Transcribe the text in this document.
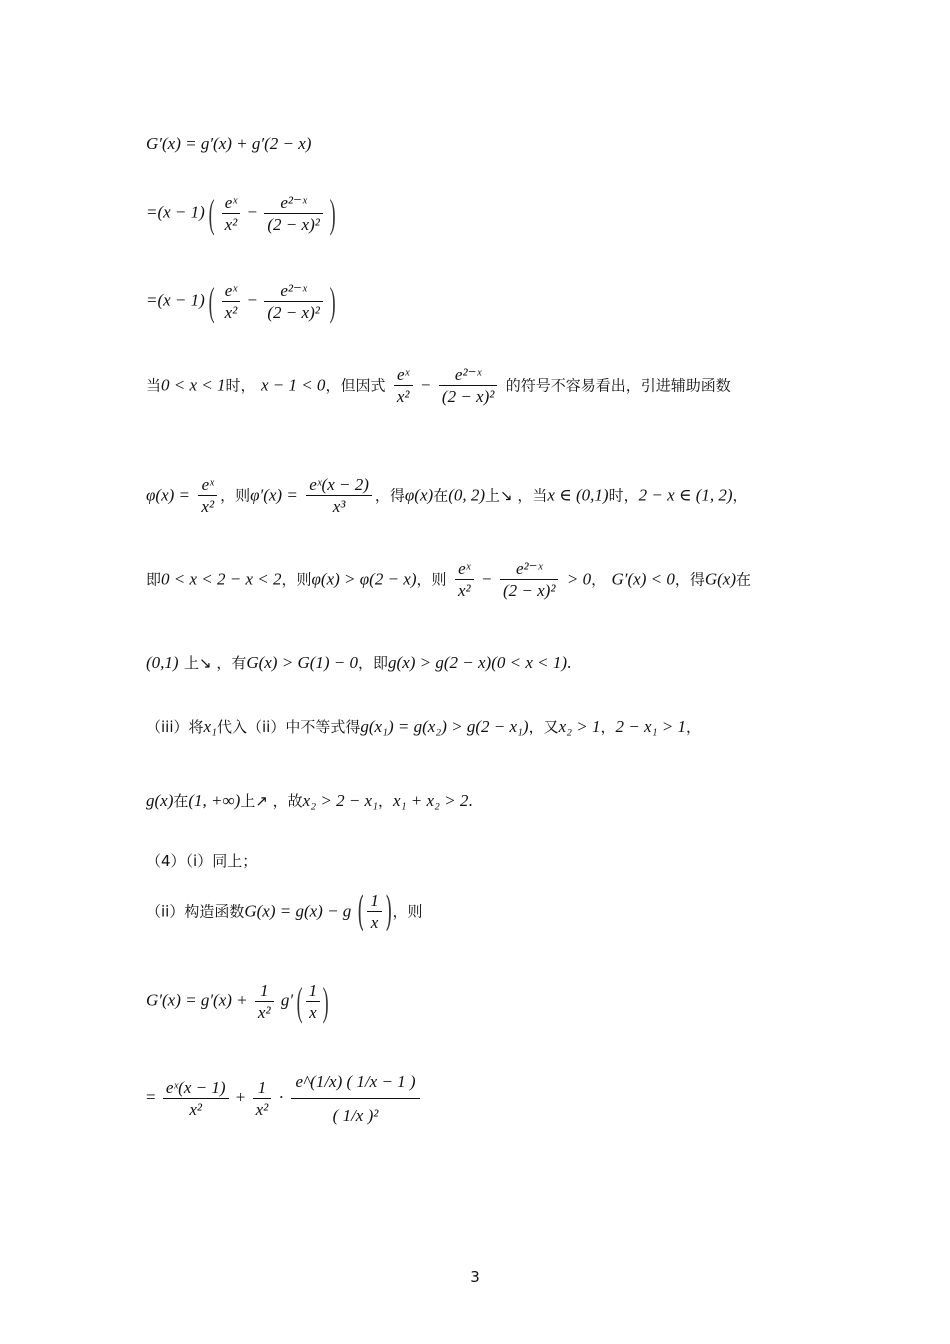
G′(x) = g′(x) + g′(2 − x)
=(x − 1) ( $\frac{\text{eˣ}}{\text{x²}} - \frac{\text{e²⁻ˣ}}{\text{(2 − x)²}}$ )
=(x − 1) ( $\frac{\text{eˣ}}{\text{x²}} - \frac{\text{e²⁻ˣ}}{\text{(2 − x)²}}$ )
当0 < x < 1时， x − 1 < 0，但因式 $\frac{\text{eˣ}}{\text{x²}} - \frac{\text{e²⁻ˣ}}{\text{(2 − x)²}}$ 的符号不容易看出，引进辅助函数
$\varphi(x) = \frac{\text{eˣ}}{\text{x²}}$ ，则$\varphi'(x) = \frac{\text{eˣ(x − 2)}}{\text{x³}}$ ，得φ(x)在(0, 2)上↘ ，当x ∈ (0,1)时，2 − x ∈ (1, 2)，
即0 < x < 2 − x < 2，则φ(x) > φ(2 − x)，则 $\frac{\text{eˣ}}{\text{x²}} - \frac{\text{e²⁻ˣ}}{\text{(2 − x)²}} > 0$， G′(x) < 0，得G(x)在
(0,1) 上↘ ，有G(x) > G(1) − 0，即g(x) > g(2 − x)(0 < x < 1).
（iii）将x₁代入（ii）中不等式得g(x₁) = g(x₂) > g(2 − x₁)，又x₂ > 1，2 − x₁ > 1，
g(x)在(1, +∞)上↗ ，故x₂ > 2 − x₁，x₁ + x₂ > 2.
（4）（i）同上；
（ii）构造函数G(x) = g(x) − g ( $\frac{1}{x}$ )，则
$G'(x) = g'(x) + \frac{1}{\text{x²}} g'$ ( $\frac{1}{x}$ )
= $\frac{\text{eˣ(x − 1)}}{\text{x²}} + \frac{1}{\text{x²}} \cdot \frac{e\^{}(1/x) ( 1/x - 1 )}{\text{( 1/x )²}}$
3
